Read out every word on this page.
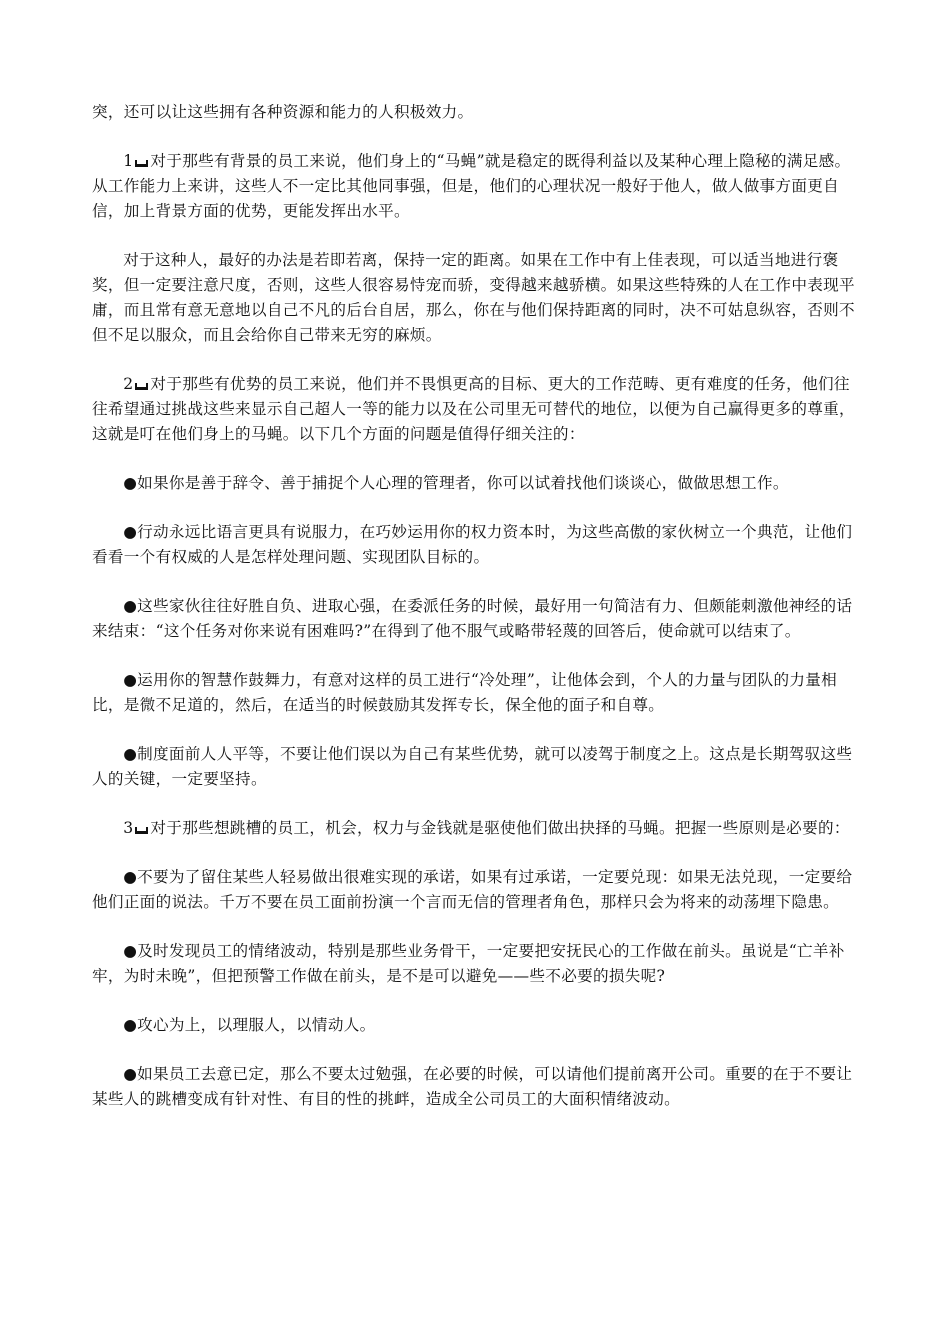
突，还可以让这些拥有各种资源和能力的人积极效力。

1 对于那些有背景的员工来说，他们身上的“马蝇”就是稳定的既得利益以及某种心理上隐秘的满足感。从工作能力上来讲，这些人不一定比其他同事强，但是，他们的心理状况一般好于他人，做人做事方面更自信，加上背景方面的优势，更能发挥出水平。

对于这种人，最好的办法是若即若离，保持一定的距离。如果在工作中有上佳表现，可以适当地进行褒奖，但一定要注意尺度，否则，这些人很容易恃宠而骄，变得越来越骄横。如果这些特殊的人在工作中表现平庸，而且常有意无意地以自己不凡的后台自居，那么，你在与他们保持距离的同时，决不可姑息纵容，否则不但不足以服众，而且会给你自己带来无穷的麻烦。

2 对于那些有优势的员工来说，他们并不畏惧更高的目标、更大的工作范畴、更有难度的任务，他们往往希望通过挑战这些来显示自己超人一等的能力以及在公司里无可替代的地位，以便为自己赢得更多的尊重，这就是叮在他们身上的马蝇。以下几个方面的问题是值得仔细关注的：

●如果你是善于辞令、善于捕捉个人心理的管理者，你可以试着找他们谈谈心，做做思想工作。

●行动永远比语言更具有说服力，在巧妙运用你的权力资本时，为这些高傲的家伙树立一个典范，让他们看看一个有权威的人是怎样处理问题、实现团队目标的。

●这些家伙往往好胜自负、进取心强，在委派任务的时候，最好用一句简洁有力、但颇能刺激他神经的话来结束：“这个任务对你来说有困难吗?”在得到了他不服气或略带轻蔑的回答后，使命就可以结束了。

●运用你的智慧作鼓舞力，有意对这样的员工进行“冷处理”，让他体会到，个人的力量与团队的力量相比，是微不足道的，然后，在适当的时候鼓励其发挥专长，保全他的面子和自尊。

●制度面前人人平等，不要让他们误以为自己有某些优势，就可以凌驾于制度之上。这点是长期驾驭这些人的关键，一定要坚持。

3 对于那些想跳槽的员工，机会，权力与金钱就是驱使他们做出抉择的马蝇。把握一些原则是必要的：

●不要为了留住某些人轻易做出很难实现的承诺，如果有过承诺，一定要兑现：如果无法兑现，一定要给他们正面的说法。千万不要在员工面前扮演一个言而无信的管理者角色，那样只会为将来的动荡埋下隐患。

●及时发现员工的情绪波动，特别是那些业务骨干，一定要把安抚民心的工作做在前头。虽说是“亡羊补牢，为时未晚”，但把预警工作做在前头，是不是可以避免——些不必要的损失呢?

●攻心为上，以理服人，以情动人。

●如果员工去意已定，那么不要太过勉强，在必要的时候，可以请他们提前离开公司。重要的在于不要让某些人的跳槽变成有针对性、有目的性的挑衅，造成全公司员工的大面积情绪波动。
